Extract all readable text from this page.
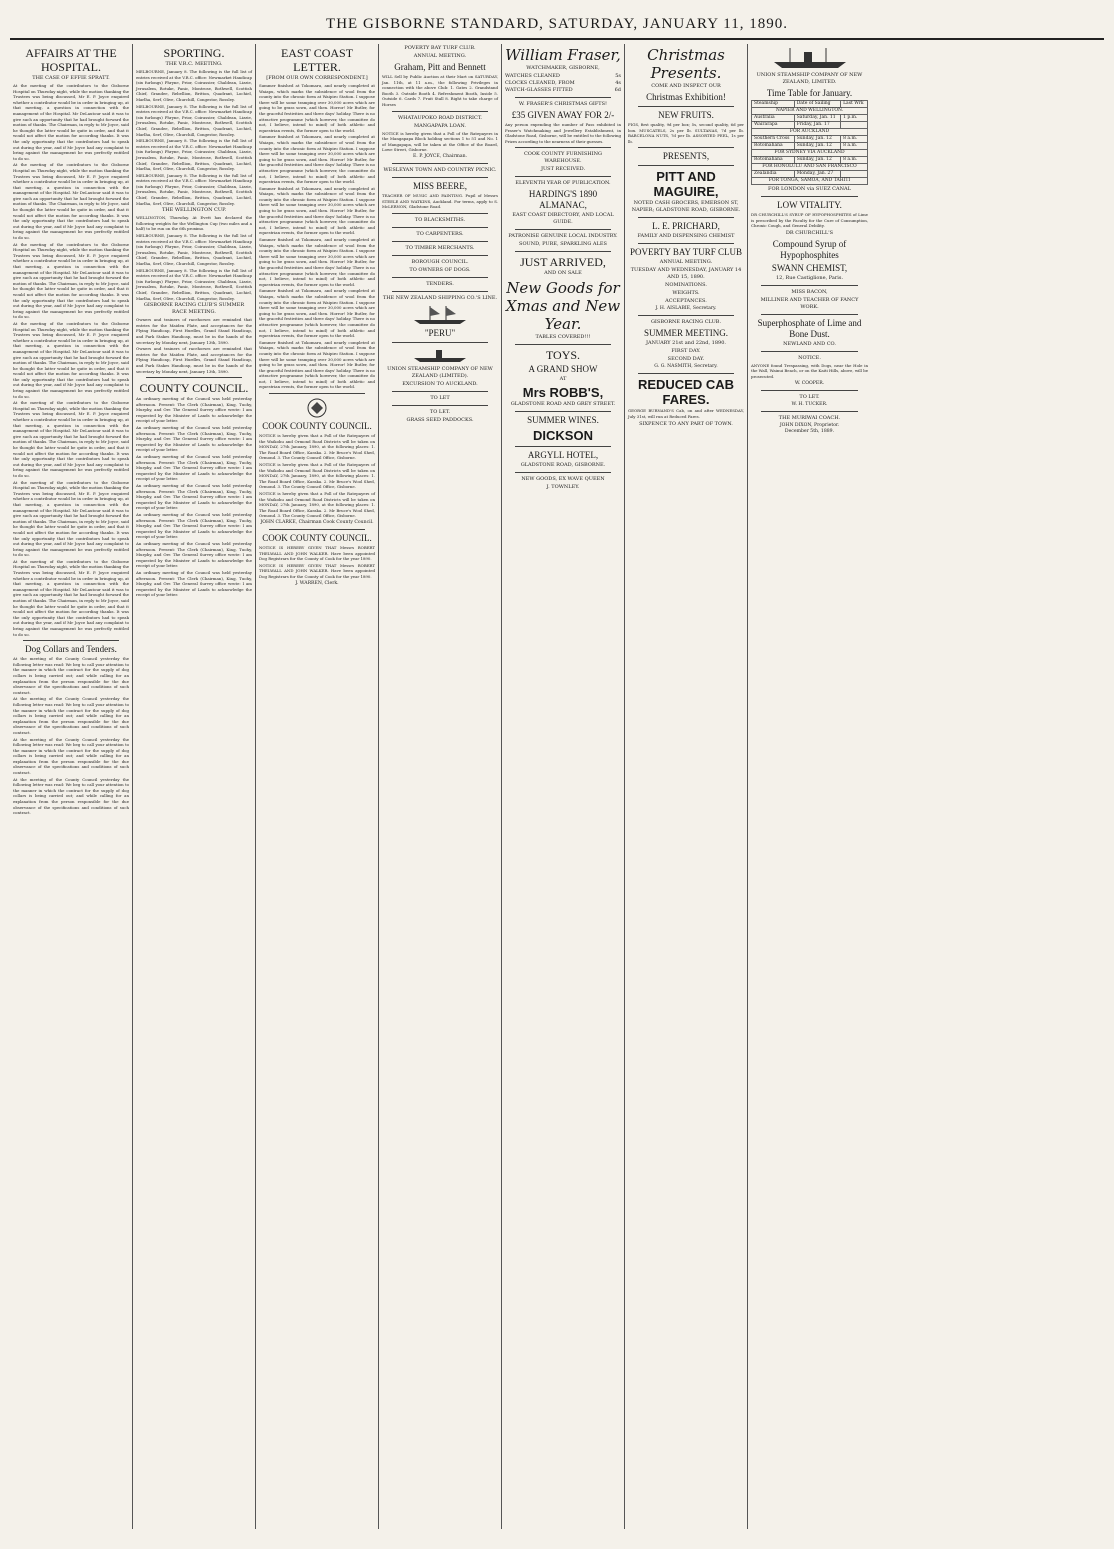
THE GISBORNE STANDARD, SATURDAY, JANUARY 11, 1890.
AFFAIRS AT THE HOSPITAL.
THE CASE OF EFFIE SPRATT.
At the meeting of the contributors to the Gisborne Hospital on Thursday night, while the motion thanking the Trustees was being discussed, Mr E. P. Joyce enquired whether a contributor would be in order in bringing up, at that meeting, a question in connection with the management of the Hospital. Mr DeLautour said it was to give such an opportunity that he had brought forward the motion of thanks. The Chairman, in reply to Mr Joyce, said he thought the latter would be quite in order, and that it would not affect the motion for according thanks. It was the only opportunity that the contributors had to speak out during the year, and if Mr Joyce had any complaint to bring against the management he was perfectly entitled to do so.
At the meeting of the contributors to the Gisborne Hospital on Thursday night, while the motion thanking the Trustees was being discussed, Mr E. P. Joyce enquired whether a contributor would be in order in bringing up, at that meeting, a question in connection with the management of the Hospital. Mr DeLautour said it was to give such an opportunity that he had brought forward the motion of thanks. The Chairman, in reply to Mr Joyce, said he thought the latter would be quite in order, and that it would not affect the motion for according thanks. It was the only opportunity that the contributors had to speak out during the year, and if Mr Joyce had any complaint to bring against the management he was perfectly entitled to do so.
At the meeting of the contributors to the Gisborne Hospital on Thursday night, while the motion thanking the Trustees was being discussed, Mr E. P. Joyce enquired whether a contributor would be in order in bringing up, at that meeting, a question in connection with the management of the Hospital. Mr DeLautour said it was to give such an opportunity that he had brought forward the motion of thanks. The Chairman, in reply to Mr Joyce, said he thought the latter would be quite in order, and that it would not affect the motion for according thanks. It was the only opportunity that the contributors had to speak out during the year, and if Mr Joyce had any complaint to bring against the management he was perfectly entitled to do so.
At the meeting of the contributors to the Gisborne Hospital on Thursday night, while the motion thanking the Trustees was being discussed, Mr E. P. Joyce enquired whether a contributor would be in order in bringing up, at that meeting, a question in connection with the management of the Hospital. Mr DeLautour said it was to give such an opportunity that he had brought forward the motion of thanks. The Chairman, in reply to Mr Joyce, said he thought the latter would be quite in order, and that it would not affect the motion for according thanks. It was the only opportunity that the contributors had to speak out during the year, and if Mr Joyce had any complaint to bring against the management he was perfectly entitled to do so.
At the meeting of the contributors to the Gisborne Hospital on Thursday night, while the motion thanking the Trustees was being discussed, Mr E. P. Joyce enquired whether a contributor would be in order in bringing up, at that meeting, a question in connection with the management of the Hospital. Mr DeLautour said it was to give such an opportunity that he had brought forward the motion of thanks. The Chairman, in reply to Mr Joyce, said he thought the latter would be quite in order, and that it would not affect the motion for according thanks. It was the only opportunity that the contributors had to speak out during the year, and if Mr Joyce had any complaint to bring against the management he was perfectly entitled to do so.
At the meeting of the contributors to the Gisborne Hospital on Thursday night, while the motion thanking the Trustees was being discussed, Mr E. P. Joyce enquired whether a contributor would be in order in bringing up, at that meeting, a question in connection with the management of the Hospital. Mr DeLautour said it was to give such an opportunity that he had brought forward the motion of thanks. The Chairman, in reply to Mr Joyce, said he thought the latter would be quite in order, and that it would not affect the motion for according thanks. It was the only opportunity that the contributors had to speak out during the year, and if Mr Joyce had any complaint to bring against the management he was perfectly entitled to do so.
At the meeting of the contributors to the Gisborne Hospital on Thursday night, while the motion thanking the Trustees was being discussed, Mr E. P. Joyce enquired whether a contributor would be in order in bringing up, at that meeting, a question in connection with the management of the Hospital. Mr DeLautour said it was to give such an opportunity that he had brought forward the motion of thanks. The Chairman, in reply to Mr Joyce, said he thought the latter would be quite in order, and that it would not affect the motion for according thanks. It was the only opportunity that the contributors had to speak out during the year, and if Mr Joyce had any complaint to bring against the management he was perfectly entitled to do so.
Dog Collars and Tenders.
At the meeting of the County Council yesterday the following letter was read: We beg to call your attention to the manner in which the contract for the supply of dog collars is being carried out; and while calling for an explanation from the person responsible for the due observance of the specifications and conditions of such contract.
At the meeting of the County Council yesterday the following letter was read: We beg to call your attention to the manner in which the contract for the supply of dog collars is being carried out; and while calling for an explanation from the person responsible for the due observance of the specifications and conditions of such contract.
At the meeting of the County Council yesterday the following letter was read: We beg to call your attention to the manner in which the contract for the supply of dog collars is being carried out; and while calling for an explanation from the person responsible for the due observance of the specifications and conditions of such contract.
At the meeting of the County Council yesterday the following letter was read: We beg to call your attention to the manner in which the contract for the supply of dog collars is being carried out; and while calling for an explanation from the person responsible for the due observance of the specifications and conditions of such contract.
SPORTING.
THE V.R.C. MEETING.
MELBOURNE, January 8. The following is the full list of entries received at the V.R.C. office: Newmarket Handicap (six furlongs) Phryne, Prior, Coirassier, Chaldean, Lizzie, Jerusalem, Rotuke, Panic, Montrose, Bothwell, Scottish Chief, Grandee, Rebellion, Britton, Quadrant, Lochiel, Marlha, Serf, Olive, Churchill, Congestor, Rossley.
MELBOURNE, January 8. The following is the full list of entries received at the V.R.C. office: Newmarket Handicap (six furlongs) Phryne, Prior, Coirassier, Chaldean, Lizzie, Jerusalem, Rotuke, Panic, Montrose, Bothwell, Scottish Chief, Grandee, Rebellion, Britton, Quadrant, Lochiel, Marlha, Serf, Olive, Churchill, Congestor, Rossley.
MELBOURNE, January 8. The following is the full list of entries received at the V.R.C. office: Newmarket Handicap (six furlongs) Phryne, Prior, Coirassier, Chaldean, Lizzie, Jerusalem, Rotuke, Panic, Montrose, Bothwell, Scottish Chief, Grandee, Rebellion, Britton, Quadrant, Lochiel, Marlha, Serf, Olive, Churchill, Congestor, Rossley.
MELBOURNE, January 8. The following is the full list of entries received at the V.R.C. office: Newmarket Handicap (six furlongs) Phryne, Prior, Coirassier, Chaldean, Lizzie, Jerusalem, Rotuke, Panic, Montrose, Bothwell, Scottish Chief, Grandee, Rebellion, Britton, Quadrant, Lochiel, Marlha, Serf, Olive, Churchill, Congestor, Rossley.
THE WELLINGTON CUP.
WELLINGTON, Thursday. At Evett has declared the following weights for the Wellington Cup (two miles and a half) to be run on the 6th proximo.
MELBOURNE, January 8. The following is the full list of entries received at the V.R.C. office: Newmarket Handicap (six furlongs) Phryne, Prior, Coirassier, Chaldean, Lizzie, Jerusalem, Rotuke, Panic, Montrose, Bothwell, Scottish Chief, Grandee, Rebellion, Britton, Quadrant, Lochiel, Marlha, Serf, Olive, Churchill, Congestor, Rossley.
MELBOURNE, January 8. The following is the full list of entries received at the V.R.C. office: Newmarket Handicap (six furlongs) Phryne, Prior, Coirassier, Chaldean, Lizzie, Jerusalem, Rotuke, Panic, Montrose, Bothwell, Scottish Chief, Grandee, Rebellion, Britton, Quadrant, Lochiel, Marlha, Serf, Olive, Churchill, Congestor, Rossley.
GISBORNE RACING CLUB'S SUMMER RACE MEETING.
Owners and trainers of racehorses are reminded that entries for the Maiden Plate, and acceptances for the Flying Handicap, First Hurdles, Grand Stand Handicap, and Park Stakes Handicap, must be in the hands of the secretary by Monday next, January 13th, 1890.
Owners and trainers of racehorses are reminded that entries for the Maiden Plate, and acceptances for the Flying Handicap, First Hurdles, Grand Stand Handicap, and Park Stakes Handicap, must be in the hands of the secretary by Monday next, January 13th, 1890.
COUNTY COUNCIL.
An ordinary meeting of the Council was held yesterday afternoon. Present: The Clerk (Chairman), King, Tuohy, Murphy, and Orr. The General Survey office wrote: I am requested by the Minister of Lands to acknowledge the receipt of your letter.
An ordinary meeting of the Council was held yesterday afternoon. Present: The Clerk (Chairman), King, Tuohy, Murphy, and Orr. The General Survey office wrote: I am requested by the Minister of Lands to acknowledge the receipt of your letter.
An ordinary meeting of the Council was held yesterday afternoon. Present: The Clerk (Chairman), King, Tuohy, Murphy, and Orr. The General Survey office wrote: I am requested by the Minister of Lands to acknowledge the receipt of your letter.
An ordinary meeting of the Council was held yesterday afternoon. Present: The Clerk (Chairman), King, Tuohy, Murphy, and Orr. The General Survey office wrote: I am requested by the Minister of Lands to acknowledge the receipt of your letter.
An ordinary meeting of the Council was held yesterday afternoon. Present: The Clerk (Chairman), King, Tuohy, Murphy, and Orr. The General Survey office wrote: I am requested by the Minister of Lands to acknowledge the receipt of your letter.
An ordinary meeting of the Council was held yesterday afternoon. Present: The Clerk (Chairman), King, Tuohy, Murphy, and Orr. The General Survey office wrote: I am requested by the Minister of Lands to acknowledge the receipt of your letter.
An ordinary meeting of the Council was held yesterday afternoon. Present: The Clerk (Chairman), King, Tuohy, Murphy, and Orr. The General Survey office wrote: I am requested by the Minister of Lands to acknowledge the receipt of your letter.
EAST COAST LETTER.
[FROM OUR OWN CORRESPONDENT.]
Summer finished at Tokomaru, and nearly completed at Waiapu, which marks the subsidence of wool from the county into the chronic form at Waipiro Station. I suppose there will be some tramping over 30,000 acres which are going to be grass sown, and then. Horror! Mr Butler, for the graceful festivities and three days' holiday. There is no attractive programme (which however, the committee do not, I believe, intend to mind) of both athletic and equestrian events, the former open to the world.
Summer finished at Tokomaru, and nearly completed at Waiapu, which marks the subsidence of wool from the county into the chronic form at Waipiro Station. I suppose there will be some tramping over 30,000 acres which are going to be grass sown, and then. Horror! Mr Butler, for the graceful festivities and three days' holiday. There is no attractive programme (which however, the committee do not, I believe, intend to mind) of both athletic and equestrian events, the former open to the world.
Summer finished at Tokomaru, and nearly completed at Waiapu, which marks the subsidence of wool from the county into the chronic form at Waipiro Station. I suppose there will be some tramping over 30,000 acres which are going to be grass sown, and then. Horror! Mr Butler, for the graceful festivities and three days' holiday. There is no attractive programme (which however, the committee do not, I believe, intend to mind) of both athletic and equestrian events, the former open to the world.
Summer finished at Tokomaru, and nearly completed at Waiapu, which marks the subsidence of wool from the county into the chronic form at Waipiro Station. I suppose there will be some tramping over 30,000 acres which are going to be grass sown, and then. Horror! Mr Butler, for the graceful festivities and three days' holiday. There is no attractive programme (which however, the committee do not, I believe, intend to mind) of both athletic and equestrian events, the former open to the world.
Summer finished at Tokomaru, and nearly completed at Waiapu, which marks the subsidence of wool from the county into the chronic form at Waipiro Station. I suppose there will be some tramping over 30,000 acres which are going to be grass sown, and then. Horror! Mr Butler, for the graceful festivities and three days' holiday. There is no attractive programme (which however, the committee do not, I believe, intend to mind) of both athletic and equestrian events, the former open to the world.
Summer finished at Tokomaru, and nearly completed at Waiapu, which marks the subsidence of wool from the county into the chronic form at Waipiro Station. I suppose there will be some tramping over 30,000 acres which are going to be grass sown, and then. Horror! Mr Butler, for the graceful festivities and three days' holiday. There is no attractive programme (which however, the committee do not, I believe, intend to mind) of both athletic and equestrian events, the former open to the world.
COOK COUNTY COUNCIL.
NOTICE is hereby given that a Poll of the Ratepayers of the Waikohu and Ormond Road Districts will be taken on MONDAY, 27th January, 1890, at the following places: 1. The Road Board Office, Karaka. 2. Mr Bruce's Wool Shed, Ormond. 3. The County Council Office, Gisborne.
NOTICE is hereby given that a Poll of the Ratepayers of the Waikohu and Ormond Road Districts will be taken on MONDAY, 27th January, 1890, at the following places: 1. The Road Board Office, Karaka. 2. Mr Bruce's Wool Shed, Ormond. 3. The County Council Office, Gisborne.
NOTICE is hereby given that a Poll of the Ratepayers of the Waikohu and Ormond Road Districts will be taken on MONDAY, 27th January, 1890, at the following places: 1. The Road Board Office, Karaka. 2. Mr Bruce's Wool Shed, Ormond. 3. The County Council Office, Gisborne.
JOHN CLARKE, Chairman Cook County Council.
COOK COUNTY COUNCIL.
NOTICE IS HEREBY GIVEN THAT Messrs ROBERT THELWALL AND JOHN WALKER. Have been appointed Dog Registrars for the County of Cook for the year 1890.
NOTICE IS HEREBY GIVEN THAT Messrs ROBERT THELWALL AND JOHN WALKER. Have been appointed Dog Registrars for the County of Cook for the year 1890.
J. WARREN, Clerk.
POVERTY BAY TURF CLUB.
ANNUAL MEETING.
Graham, Pitt and Bennett
WILL Sell by Public Auction at their Mart on SATURDAY, Jan. 11th, at 11 a.m., the following Privileges in connection with the above Club: 1. Gates 2. Grandstand Booth 3. Outside Booth 4. Refreshment Booth, Inside 5. Outside 6. Cards 7. Fruit Stall 8. Right to take charge of Horses
WHATAUPOKO ROAD DISTRICT.
MANGAPAPA LOAN.
NOTICE is hereby given that a Poll of the Ratepayers in the Mangapapa Block holding sections 1 to 51 and No. 1 of Mangapapa, will be taken at the Office of the Board, Lowe Street, Gisborne.
E. P. JOYCE, Chairman.
WESLEYAN TOWN AND COUNTRY PICNIC.
MISS BEERE,
TEACHER OF MUSIC AND PAINTING. Pupil of Messrs STEELE AND WATKINS, Auckland. For terms, apply to S. McLERNON, Gladstone Road.
TO BLACKSMITHS.
TO CARPENTERS.
TO TIMBER MERCHANTS.
BOROUGH COUNCIL.
TO OWNERS OF DOGS.
TENDERS.
THE NEW ZEALAND SHIPPING CO.'S LINE.
"PERU"
UNION STEAMSHIP COMPANY OF NEW ZEALAND (LIMITED).
EXCURSION TO AUCKLAND.
TO LET
TO LET.
GRASS SEED PADDOCKS.
William Fraser,
WATCHMAKER, GISBORNE,
WATCHES CLEANED	5s
CLOCKS CLEANED, FROM	4s
WATCH-GLASSES FITTED	6d
W. FRASER'S CHRISTMAS GIFTS!
£35 GIVEN AWAY FOR 2/-
Any person expending the number of Pass exhibited in Fraser's Watchmaking and Jewellery Establishment, in Gladstone Road, Gisborne, will be entitled to the following Prizes according to the nearness of their guesses.
COOK COUNTY FURNISHING WAREHOUSE.
JUST RECEIVED.
ELEVENTH YEAR OF PUBLICATION.
HARDING'S 1890 ALMANAC,
EAST COAST DIRECTORY, AND LOCAL GUIDE.
PATRONISE GENUINE LOCAL INDUSTRY.
SOUND, PURE, SPARKLING ALES
JUST ARRIVED,
AND ON SALE
New Goods for Xmas and New Year.
TABLES COVERED!!!
TOYS.
A GRAND SHOW
AT
Mrs ROBB'S,
GLADSTONE ROAD AND GREY STREET.
SUMMER WINES.
DICKSON
ARGYLL HOTEL,
GLADSTONE ROAD, GISBORNE.
NEW GOODS, EX WAVE QUEEN
J. TOWNLEY.
Christmas Presents.
COME AND INSPECT OUR
Christmas Exhibition!
NEW FRUITS.
FIGS, first quality, 9d per box; 5s, second quality, 6d per box. MUSCATELS, 2s per lb. SULTANAS, 7d per lb. BARCELONA NUTS, 7d per lb. ASSORTED PEEL, 1s per lb.
PRESENTS,
PITT AND MAGUIRE,
NOTED CASH GROCERS, EMERSON ST, NAPIER; GLADSTONE ROAD, GISBORNE.
L. E. PRICHARD,
FAMILY AND DISPENSING CHEMIST
POVERTY BAY TURF CLUB
ANNUAL MEETING.
TUESDAY AND WEDNESDAY, JANUARY 14 AND 15, 1890.
NOMINATIONS.
WEIGHTS.
ACCEPTANCES.
J. H. AISLABIE, Secretary.
GISBORNE RACING CLUB.
SUMMER MEETING.
JANUARY 21st and 22nd, 1890.
FIRST DAY.
SECOND DAY.
G. G. NASMITH, Secretary.
REDUCED CAB FARES.
GEORGE BURNAND'S Cab, on and after WEDNESDAY, July 31st, will run at Reduced Fares.
SIXPENCE TO ANY PART OF TOWN.
UNION STEAMSHIP COMPANY OF NEW ZEALAND, LIMITED.
Time Table for January.
Steamship	Date of Sailing	Last Wrk
NAPIER AND WELLINGTON.		
Australia	Saturday, Jan. 11	1 p.m.
Wairarapa	Friday, Jan. 17	
FOR AUCKLAND		
Southern Cross	Sunday, Jan. 12	8 a.m.
Rotomahana	Sunday, Jan. 12	8 a.m.
FOR SYDNEY VIA AUCKLAND		
Rotomahana	Sunday, Jan. 12	8 a.m.
FOR HONOLULU AND SAN FRANCISCO		
Zealandia	Monday, Jan. 27	
FOR TONGA, SAMOA, AND TAHITI		
FOR LONDON via SUEZ CANAL
LOW VITALITY.
DR CHURCHILL'S SYRUP OF HYPOPHOSPHITES of Lime is prescribed by the Faculty for the Cure of Consumption, Chronic Cough, and General Debility.
DR CHURCHILL'S
Compound Syrup of Hypophosphites
SWANN CHEMIST,
12, Rue Castiglione, Paris.
MISS BACON,
MILLINER AND TEACHER OF FANCY WORK.
Superphosphate of Lime and Bone Dust.
NEWLAND AND CO.
NOTICE.
ANYONE found Trespassing, with Dogs, near the Hole in the Wall, Wainui Beach, or on the Kaiti Hills, above, will be prosecuted.
W. COOPER.
TO LET.
W. H. TUCKER.
THE MURIWAI COACH.
JOHN DIXON, Proprietor.
December 5th, 1889.
